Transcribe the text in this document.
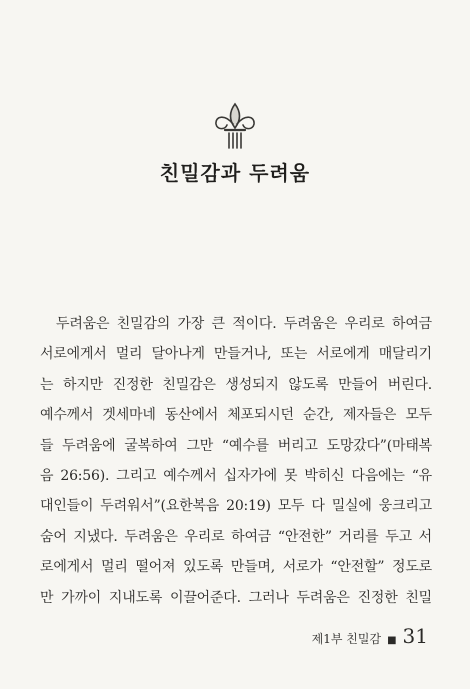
친밀감과 두려움
두려움은 친밀감의 가장 큰 적이다. 두려움은 우리로 하여금
서로에게서 멀리 달아나게 만들거나, 또는 서로에게 매달리기
는 하지만 진정한 친밀감은 생성되지 않도록 만들어 버린다.
예수께서 겟세마네 동산에서 체포되시던 순간, 제자들은 모두
들 두려움에 굴복하여 그만 “예수를 버리고 도망갔다”(마태복
음 26:56). 그리고 예수께서 십자가에 못 박히신 다음에는 “유
대인들이 두려워서”(요한복음 20:19) 모두 다 밀실에 웅크리고
숨어 지냈다. 두려움은 우리로 하여금 “안전한” 거리를 두고 서
로에게서 멀리 떨어져 있도록 만들며, 서로가 “안전할” 정도로
만 가까이 지내도록 이끌어준다. 그러나 두려움은 진정한 친밀
제1부 친밀감 ■ 31
